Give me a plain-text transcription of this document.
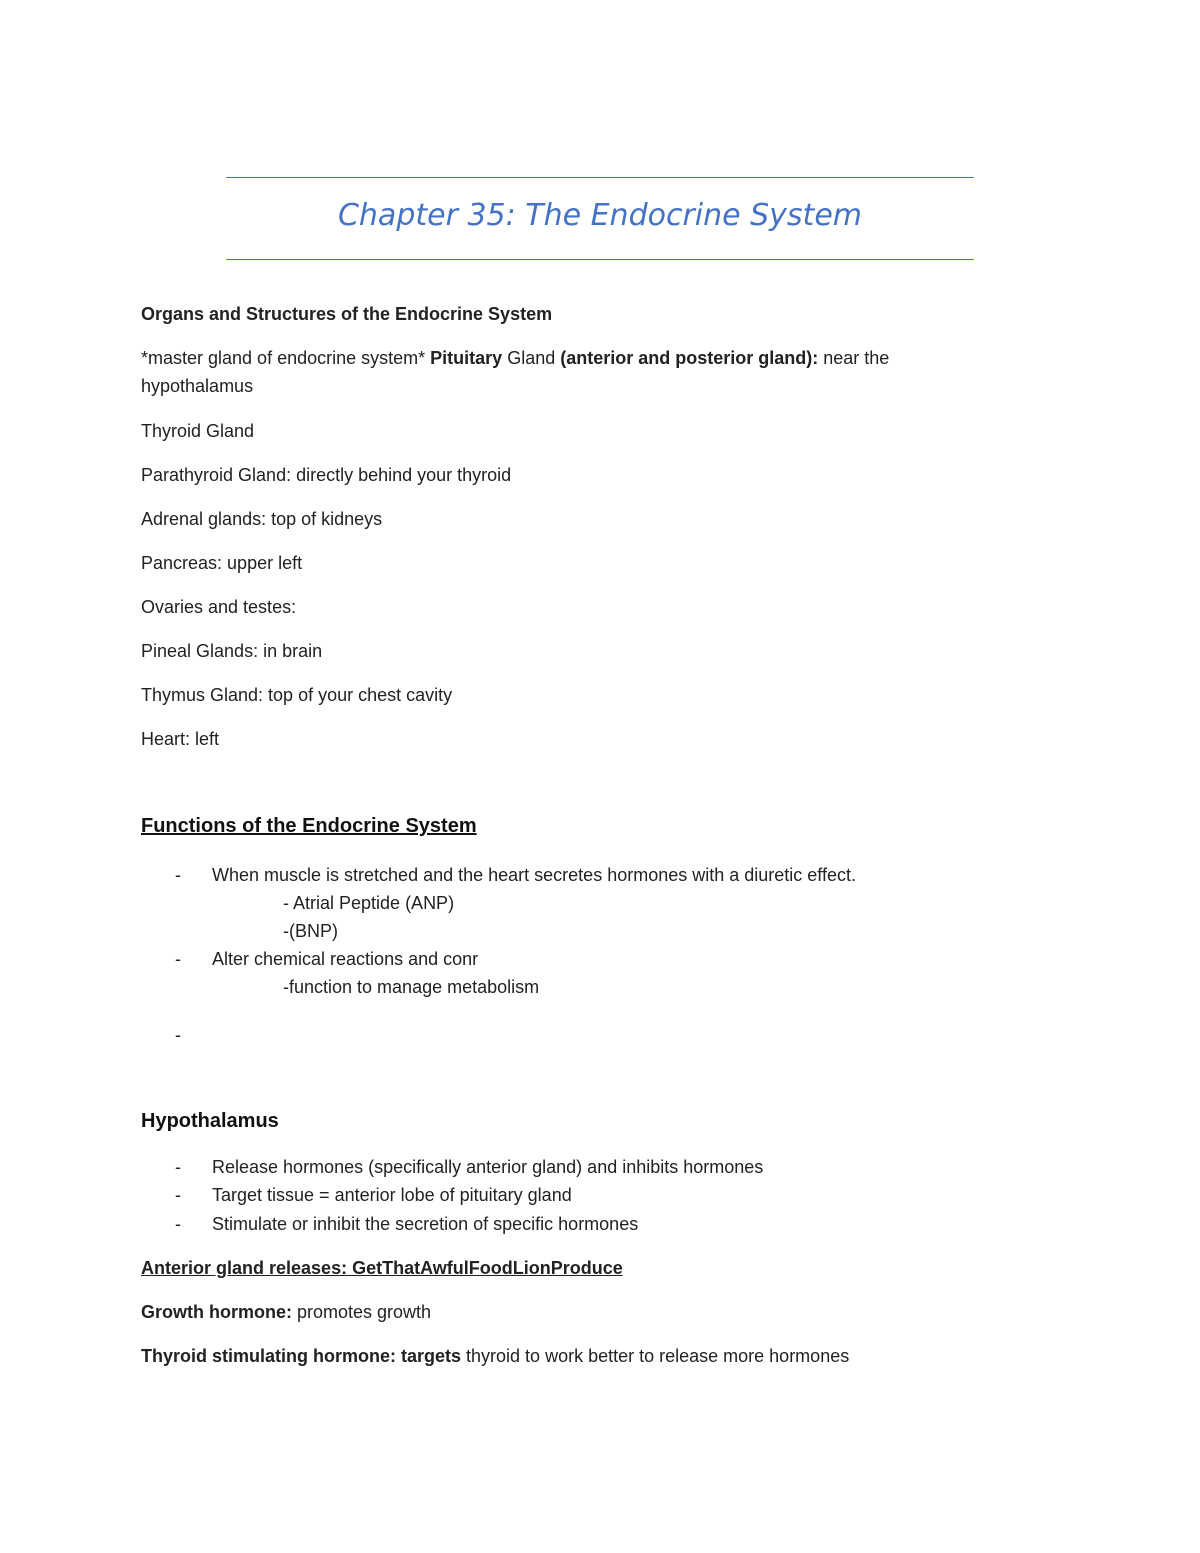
Chapter 35: The Endocrine System
Organs and Structures of the Endocrine System
*master gland of endocrine system* Pituitary Gland (anterior and posterior gland): near the
hypothalamus
Thyroid Gland
Parathyroid Gland: directly behind your thyroid
Adrenal glands: top of kidneys
Pancreas: upper left
Ovaries and testes:
Pineal Glands: in brain
Thymus Gland: top of your chest cavity
Heart: left
Functions of the Endocrine System
- When muscle is stretched and the heart secretes hormones with a diuretic effect.
- Atrial Peptide (ANP)
-(BNP)
- Alter chemical reactions and conr
-function to manage metabolism
-
Hypothalamus
- Release hormones (specifically anterior gland) and inhibits hormones
- Target tissue = anterior lobe of pituitary gland
- Stimulate or inhibit the secretion of specific hormones
Anterior gland releases: GetThatAwfulFoodLionProduce
Growth hormone: promotes growth
Thyroid stimulating hormone: targets thyroid to work better to release more hormones
